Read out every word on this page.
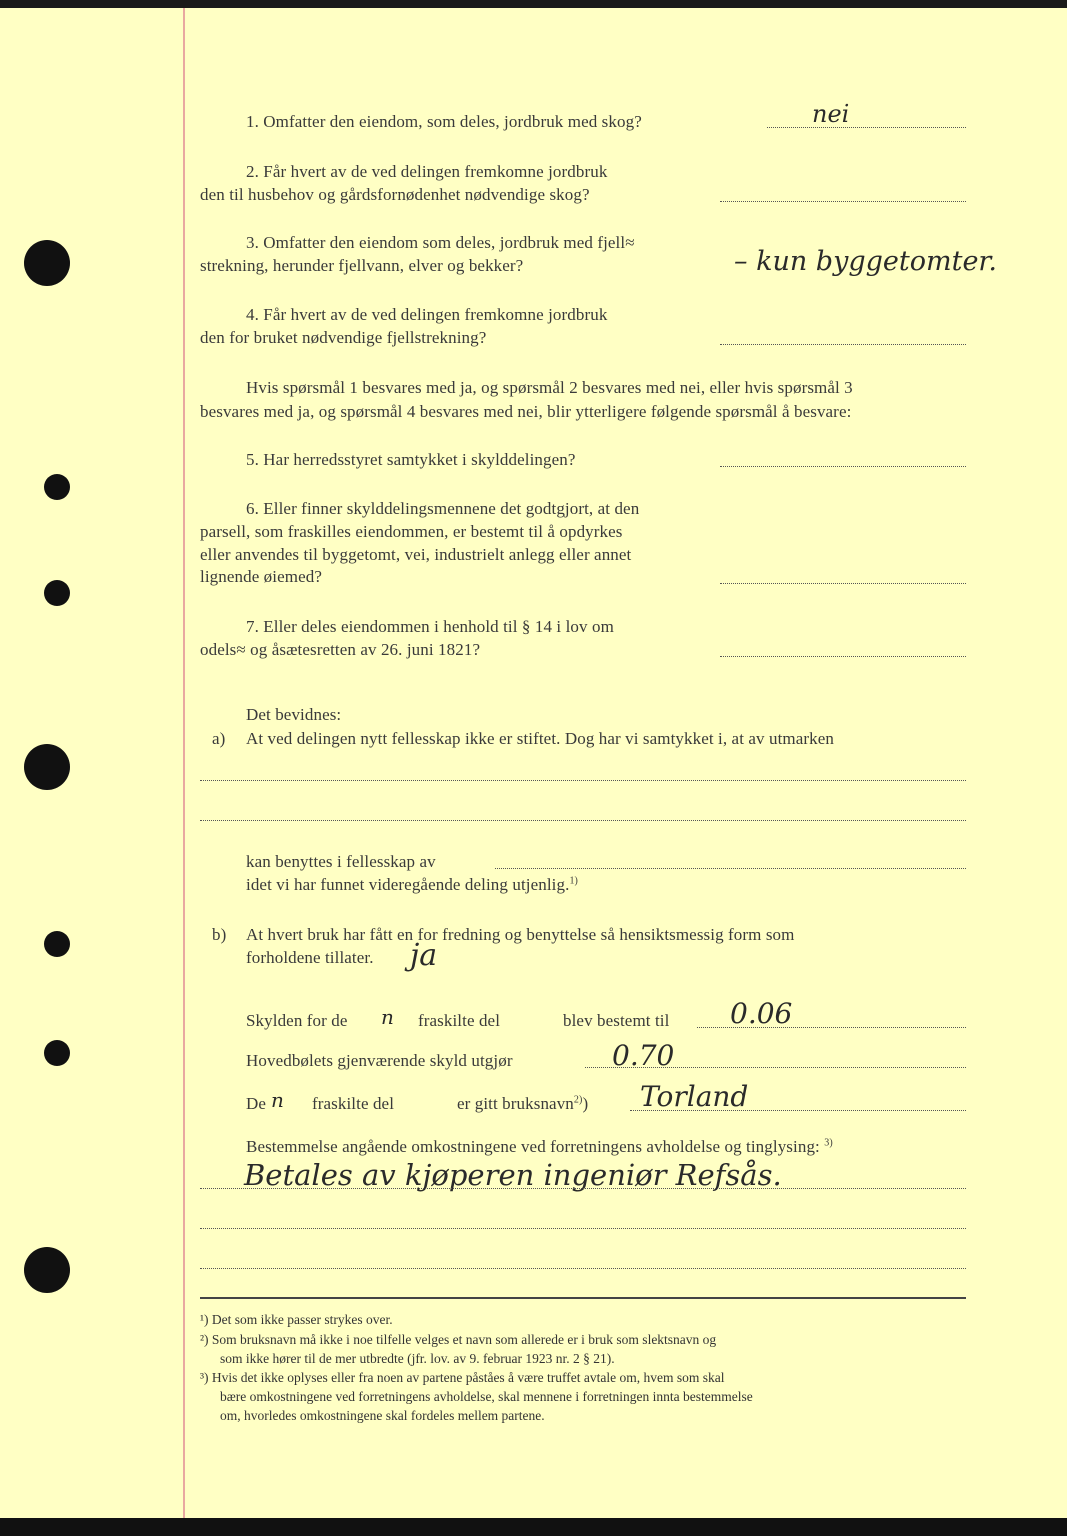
1. Omfatter den eiendom, som deles, jordbruk med skog?	nei
2. Får hvert av de ved delingen fremkomne jordbruk
den til husbehov og gårdsfornødenhet nødvendige skog?
3. Omfatter den eiendom som deles, jordbruk med fjell≈
strekning, herunder fjellvann, elver og bekker?	– kun byggetomter.
4. Får hvert av de ved delingen fremkomne jordbruk
den for bruket nødvendige fjellstrekning?
Hvis spørsmål 1 besvares med ja, og spørsmål 2 besvares med nei, eller hvis spørsmål 3
besvares med ja, og spørsmål 4 besvares med nei, blir ytterligere følgende spørsmål å besvare:
5. Har herredsstyret samtykket i skylddelingen?
6. Eller finner skylddelingsmennene det godtgjort, at den
parsell, som fraskilles eiendommen, er bestemt til å opdyrkes
eller anvendes til byggetomt, vei, industrielt anlegg eller annet
lignende øiemed?
7. Eller deles eiendommen i henhold til § 14 i lov om
odels≈ og åsætesretten av 26. juni 1821?
Det bevidnes:
a) At ved delingen nytt fellesskap ikke er stiftet. Dog har vi samtykket i, at av utmarken
kan benyttes i fellesskap av
idet vi har funnet videregående deling utjenlig.$^{1)}$
b) At hvert bruk har fått en for fredning og benyttelse så hensiktsmessig form som
forholdene tillater. ja
Skylden for de n fraskilte del	blev bestemt til 0.06
Hovedbølets gjenværende skyld utgjør	0.70
De n fraskilte del	er gitt bruksnavn$^{2)}$) Torland
Bestemmelse angående omkostningene ved forretningens avholdelse og tinglysing: $^{3)}$
Betales av kjøperen ingeniør Refsås.
¹) Det som ikke passer strykes over.
²) Som bruksnavn må ikke i noe tilfelle velges et navn som allerede er i bruk som slektsnavn og
som ikke hører til de mer utbredte (jfr. lov. av 9. februar 1923 nr. 2 § 21).
³) Hvis det ikke oplyses eller fra noen av partene påståes å være truffet avtale om, hvem som skal
bære omkostningene ved forretningens avholdelse, skal mennene i forretningen innta bestemmelse
om, hvorledes omkostningene skal fordeles mellem partene.
